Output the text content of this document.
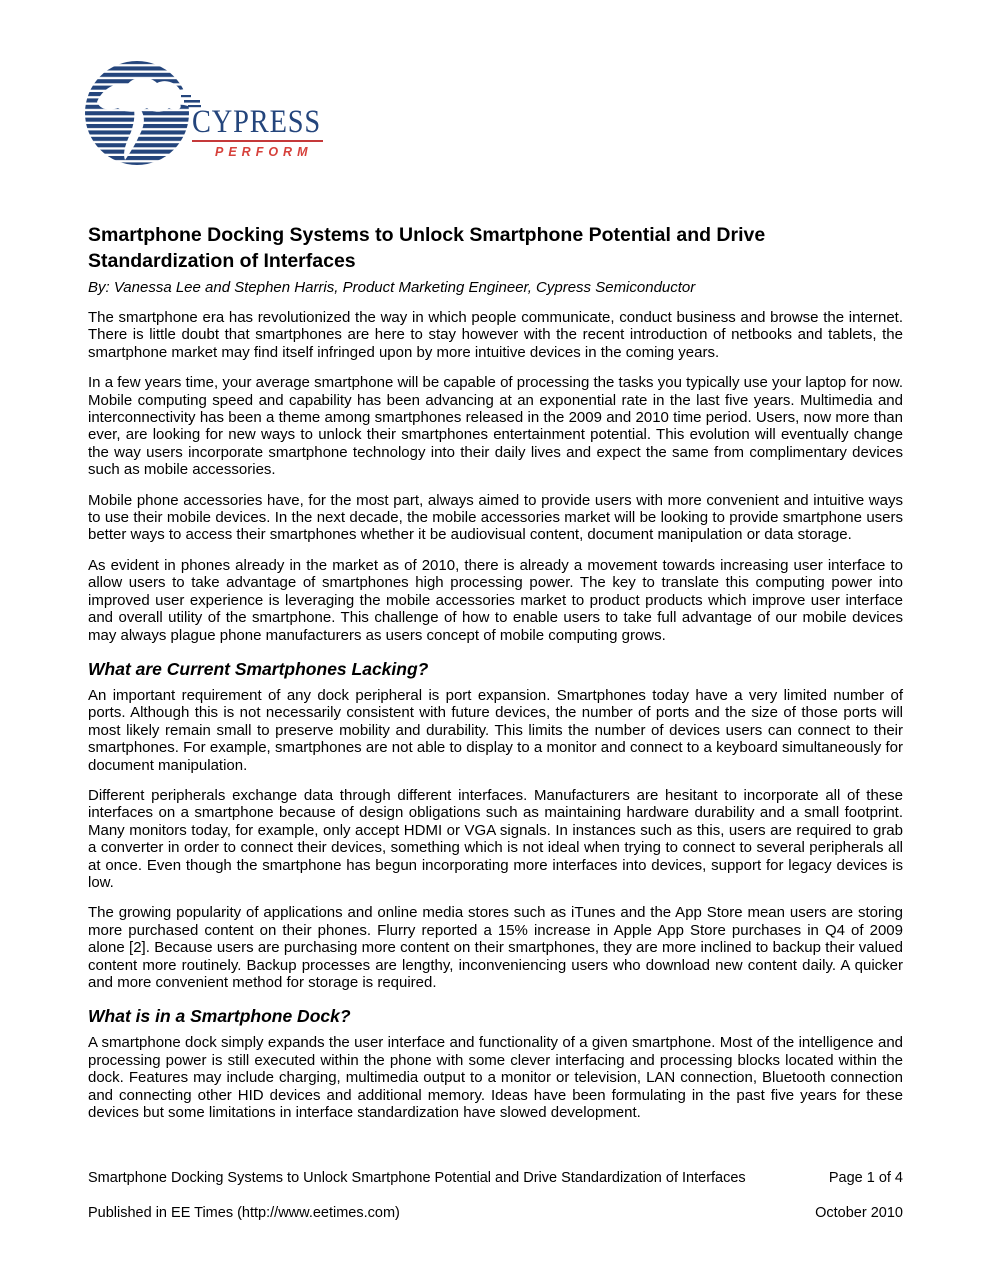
CYPRESS
PERFORM
Smartphone Docking Systems to Unlock Smartphone Potential and Drive Standardization of Interfaces

By: Vanessa Lee and Stephen Harris, Product Marketing Engineer, Cypress Semiconductor

The smartphone era has revolutionized the way in which people communicate, conduct business and browse the internet. There is little doubt that smartphones are here to stay however with the recent introduction of netbooks and tablets, the smartphone market may find itself infringed upon by more intuitive devices in the coming years.

In a few years time, your average smartphone will be capable of processing the tasks you typically use your laptop for now. Mobile computing speed and capability has been advancing at an exponential rate in the last five years. Multimedia and interconnectivity has been a theme among smartphones released in the 2009 and 2010 time period. Users, now more than ever, are looking for new ways to unlock their smartphones entertainment potential. This evolution will eventually change the way users incorporate smartphone technology into their daily lives and expect the same from complimentary devices such as mobile accessories.

Mobile phone accessories have, for the most part, always aimed to provide users with more convenient and intuitive ways to use their mobile devices. In the next decade, the mobile accessories market will be looking to provide smartphone users better ways to access their smartphones whether it be audiovisual content, document manipulation or data storage.

As evident in phones already in the market as of 2010, there is already a movement towards increasing user interface to allow users to take advantage of smartphones high processing power. The key to translate this computing power into improved user experience is leveraging the mobile accessories market to product products which improve user interface and overall utility of the smartphone. This challenge of how to enable users to take full advantage of our mobile devices may always plague phone manufacturers as users concept of mobile computing grows.

What are Current Smartphones Lacking?

An important requirement of any dock peripheral is port expansion. Smartphones today have a very limited number of ports. Although this is not necessarily consistent with future devices, the number of ports and the size of those ports will most likely remain small to preserve mobility and durability. This limits the number of devices users can connect to their smartphones. For example, smartphones are not able to display to a monitor and connect to a keyboard simultaneously for document manipulation.

Different peripherals exchange data through different interfaces. Manufacturers are hesitant to incorporate all of these interfaces on a smartphone because of design obligations such as maintaining hardware durability and a small footprint. Many monitors today, for example, only accept HDMI or VGA signals. In instances such as this, users are required to grab a converter in order to connect their devices, something which is not ideal when trying to connect to several peripherals all at once. Even though the smartphone has begun incorporating more interfaces into devices, support for legacy devices is low.

The growing popularity of applications and online media stores such as iTunes and the App Store mean users are storing more purchased content on their phones. Flurry reported a 15% increase in Apple App Store purchases in Q4 of 2009 alone [2]. Because users are purchasing more content on their smartphones, they are more inclined to backup their valued content more routinely. Backup processes are lengthy, inconveniencing users who download new content daily. A quicker and more convenient method for storage is required.

What is in a Smartphone Dock?

A smartphone dock simply expands the user interface and functionality of a given smartphone. Most of the intelligence and processing power is still executed within the phone with some clever interfacing and processing blocks located within the dock. Features may include charging, multimedia output to a monitor or television, LAN connection, Bluetooth connection and connecting other HID devices and additional memory. Ideas have been formulating in the past five years for these devices but some limitations in interface standardization have slowed development.

Smartphone Docking Systems to Unlock Smartphone Potential and Drive Standardization of Interfaces	Page 1 of 4
Published in EE Times (http://www.eetimes.com)	October 2010
